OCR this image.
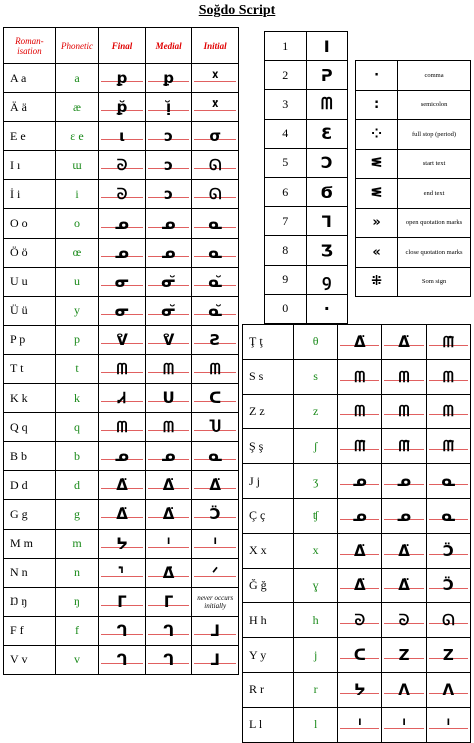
Soğdo Script
Roman-
isation	Phonetic	Final	Medial	Initial
A a	a	ꝑ	ꝑ	ᕁ

Ä ä	æ	ꝑ̆	ᴉ̆	ᕁ̈

E e	ɛ e	ι	ɔ	σ

I ı	ɯ	ᘐ	ɔ	ᘏ

İ i	i	ᘐ	ɔ	ᘏ

O o	o	ᓄ	ᓄ	ᓇ

Ö ö	œ	ᓄ	ᓄ	ᓇ

U u	u	ᓂ	ᓂ̆	ᓇ̆

Ü ü	y	ᓂ	ᓂ̆	ᓇ̆

P p	p	ᕓ	ᕓ	Ƨ

T t	t	ᗰ	ᗰ	ᗰ

K k	k	Ꮧ	ᑌ	ᑕ

Q q	q	ᗰ	ᗰ	Ⴎ

B b	b	ᓄ	ᓄ	ᓇ

D d	d	ᐃ̈	ᐃ̈	ᐃ̈

G g	g	ᐃ̈	ᐃ̈	Ɔ̈

M m	m	ᔭ	ᑊ	ᑊ

N n	n	ᑊ̇	ᐃ̇	ᐟ

Ŋ ŋ	ŋ	ᒥ	ᒥ	never occurs initially

F f	f	ᒉ	ᒉ	ᒧ

V v	v	ᒉ	ᒉ	ᒧ
1	Ι
2	ᕈ
3	ᗰ
4	Ɛ
5	Ɔ
6	Ϭ
7	Ꞁ
8	Ʒ
9	ꝯ
0	·
·	comma
:	semicolon
⁘	full stop (period)
ᓬ	start text
ᓬ	end text
»	open quotation marks
«	close quotation marks
⁜	Som sign
Ţ ţ	θ	ᐃ̈	ᐃ̈	ᗰ̈

S s	s	ᗰ	ᗰ	ᗰ

Z z	z	ᗰ	ᗰ	ᗰ

Ş ş	ʃ	ᗰ̈	ᗰ̈	ᗰ̈

J j	ʒ	ᓄ	ᓄ	ᓇ

Ç ç	ʧ	ᓄ	ᓄ	ᓇ

X x	x	ᐃ̈	ᐃ̈	Ɔ̈

Ğ ğ	ɣ	ᐃ̈	ᐃ̈	Ɔ̈

H h	h	ᘐ	ᘐ	ᘏ

Y y	j	ᑕ	Ζ	Ζ

R r	r	ᔭ	ᐱ	ᐱ

L l	l	ᑊ	ᑊ	ᑊ
